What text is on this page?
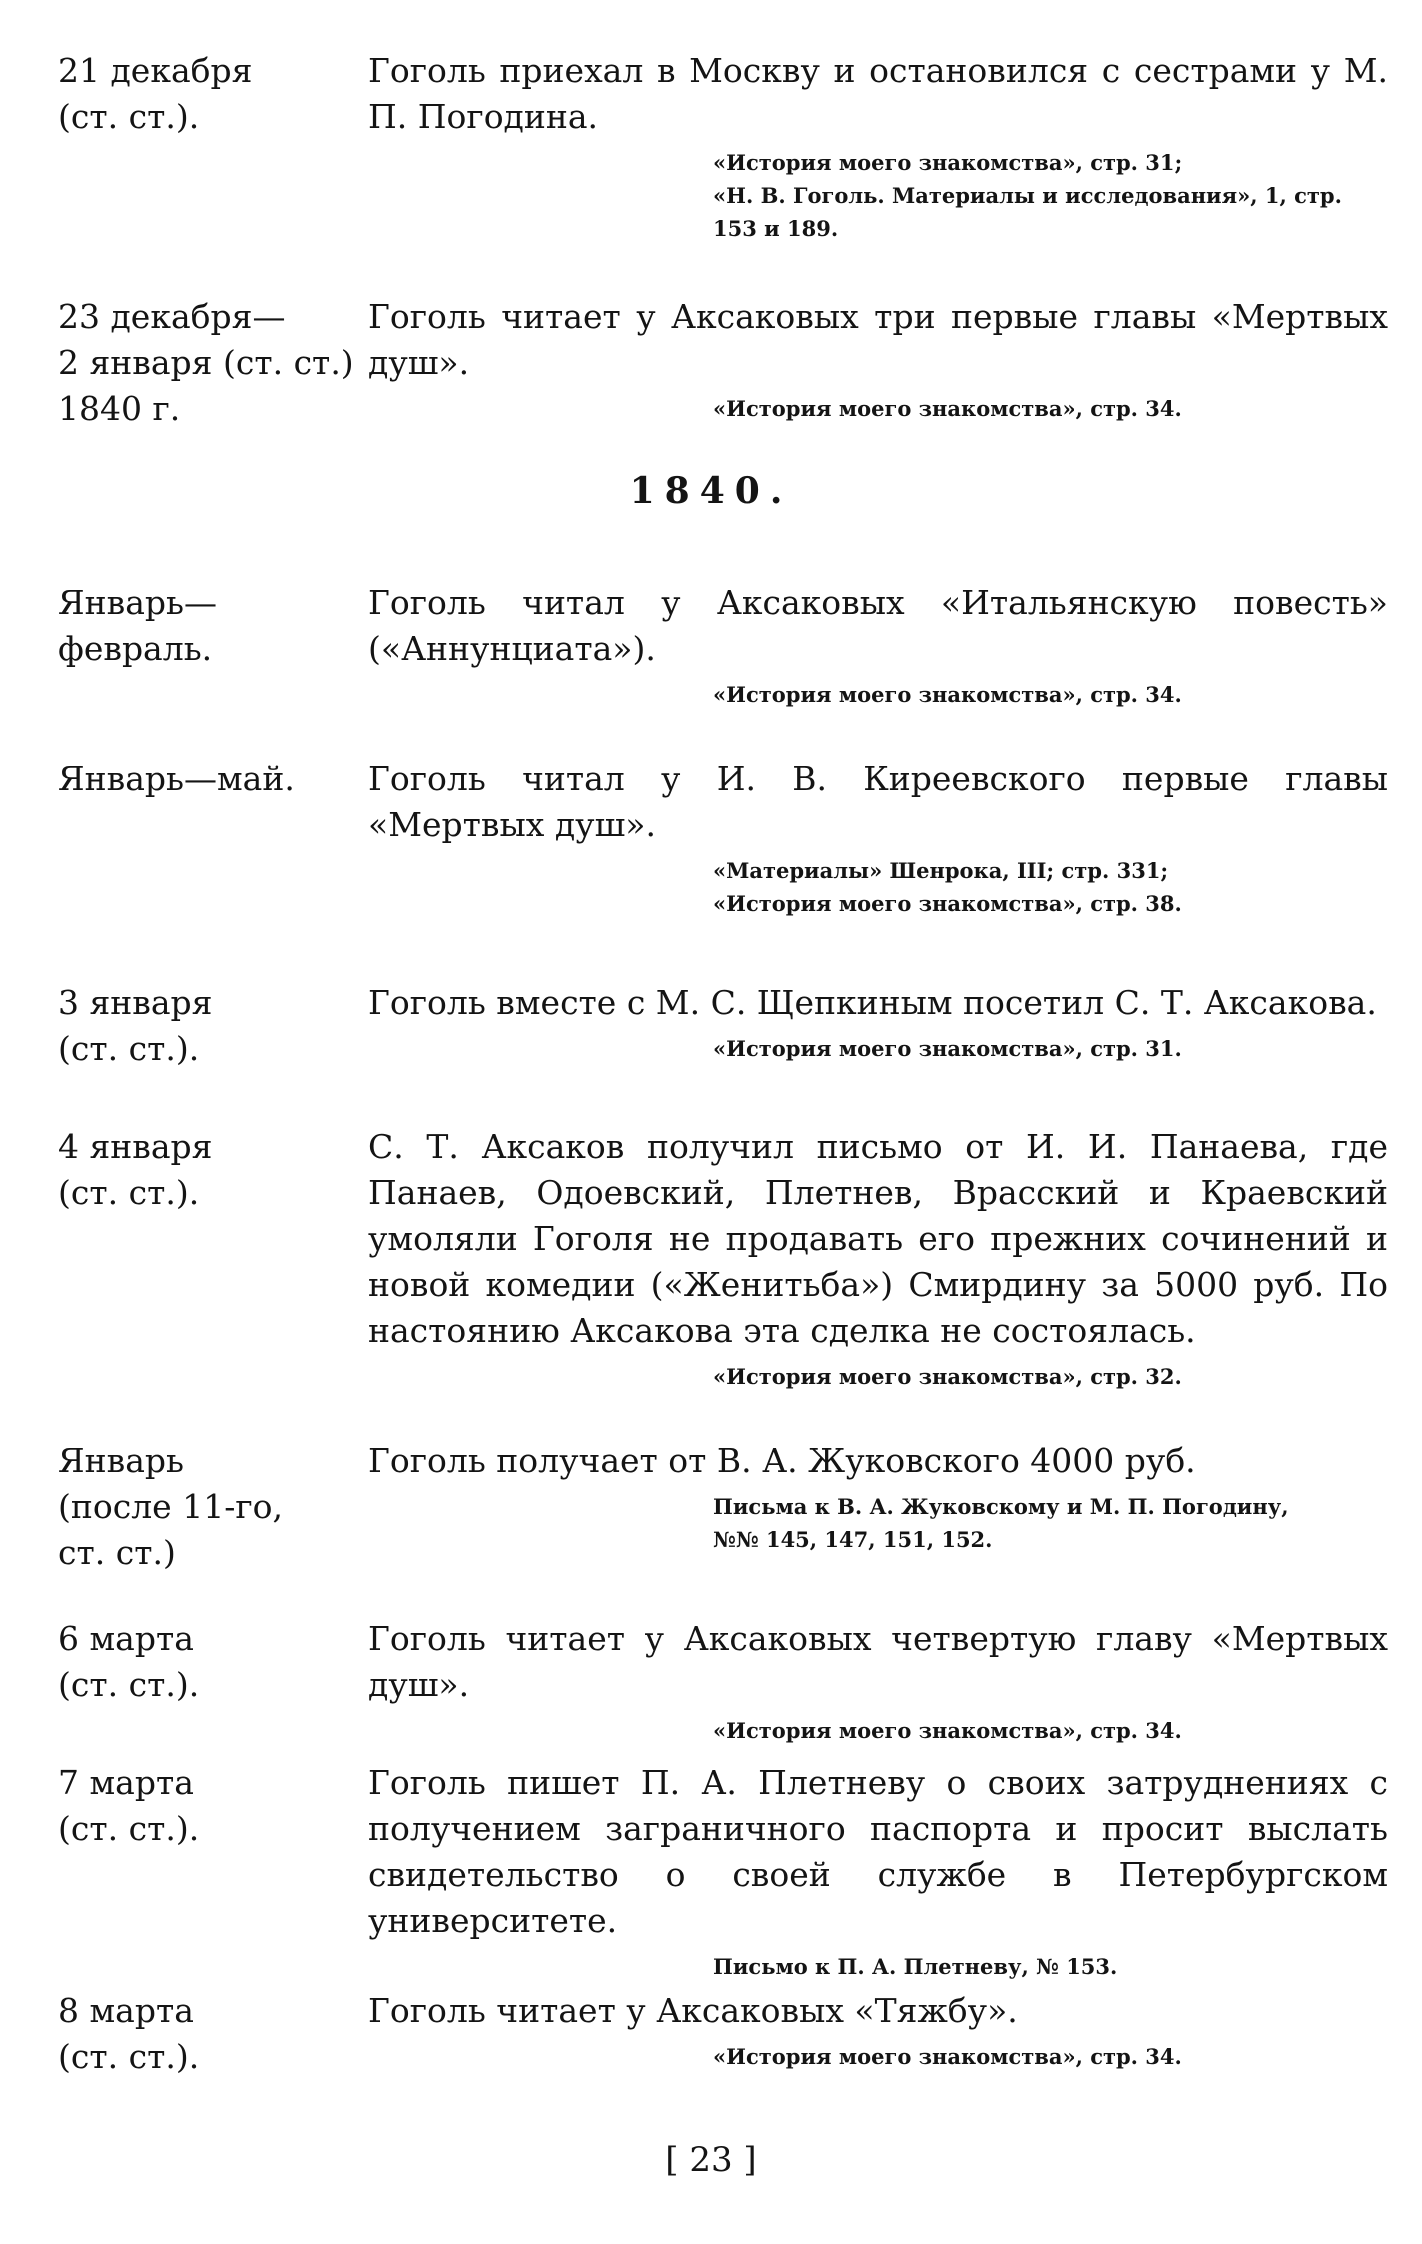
21 декабря
(ст. ст.).
Гоголь приехал в Москву и остановился с сестрами у М. П. Погодина.
«История моего знакомства», стр. 31;
«Н. В. Гоголь. Материалы и исследования», 1, стр. 153 и 189.
23 декабря—
2 января (ст. ст.)
1840 г.
Гоголь читает у Аксаковых три первые главы «Мертвых душ».
«История моего знакомства», стр. 34.
1840.
Январь—февраль.
Гоголь читал у Аксаковых «Итальянскую повесть» («Аннунциата»).
«История моего знакомства», стр. 34.
Январь—май.	Гоголь читал у И. В. Киреевского первые главы «Мертвых душ».
«Материалы» Шенрока, III; стр. 331;
«История моего знакомства», стр. 38.
3 января
(ст. ст.).
Гоголь вместе с М. С. Щепкиным посетил С. Т. Аксакова.
«История моего знакомства», стр. 31.
4 января
(ст. ст.).
С. Т. Аксаков получил письмо от И. И. Панаева, где Панаев, Одоевский, Плетнев, Врасский и Краевский умоляли Гоголя не продавать его прежних сочинений и новой комедии («Женитьба») Смирдину за 5000 руб. По настоянию Аксакова эта сделка не состоялась.
«История моего знакомства», стр. 32.
Январь
(после 11-го,
ст. ст.)
Гоголь получает от В. А. Жуковского 4000 руб.
Письма к В. А. Жуковскому и М. П. Погодину,
№№ 145, 147, 151, 152.
6 марта
(ст. ст.).
Гоголь читает у Аксаковых четвертую главу «Мертвых душ».
«История моего знакомства», стр. 34.
7 марта
(ст. ст.).
Гоголь пишет П. А. Плетневу о своих затруднениях с получением заграничного паспорта и просит выслать свидетельство о своей службе в Петербургском университете.
Письмо к П. А. Плетневу, № 153.
8 марта
(ст. ст.).
Гоголь читает у Аксаковых «Тяжбу».
«История моего знакомства», стр. 34.
[ 23 ]
